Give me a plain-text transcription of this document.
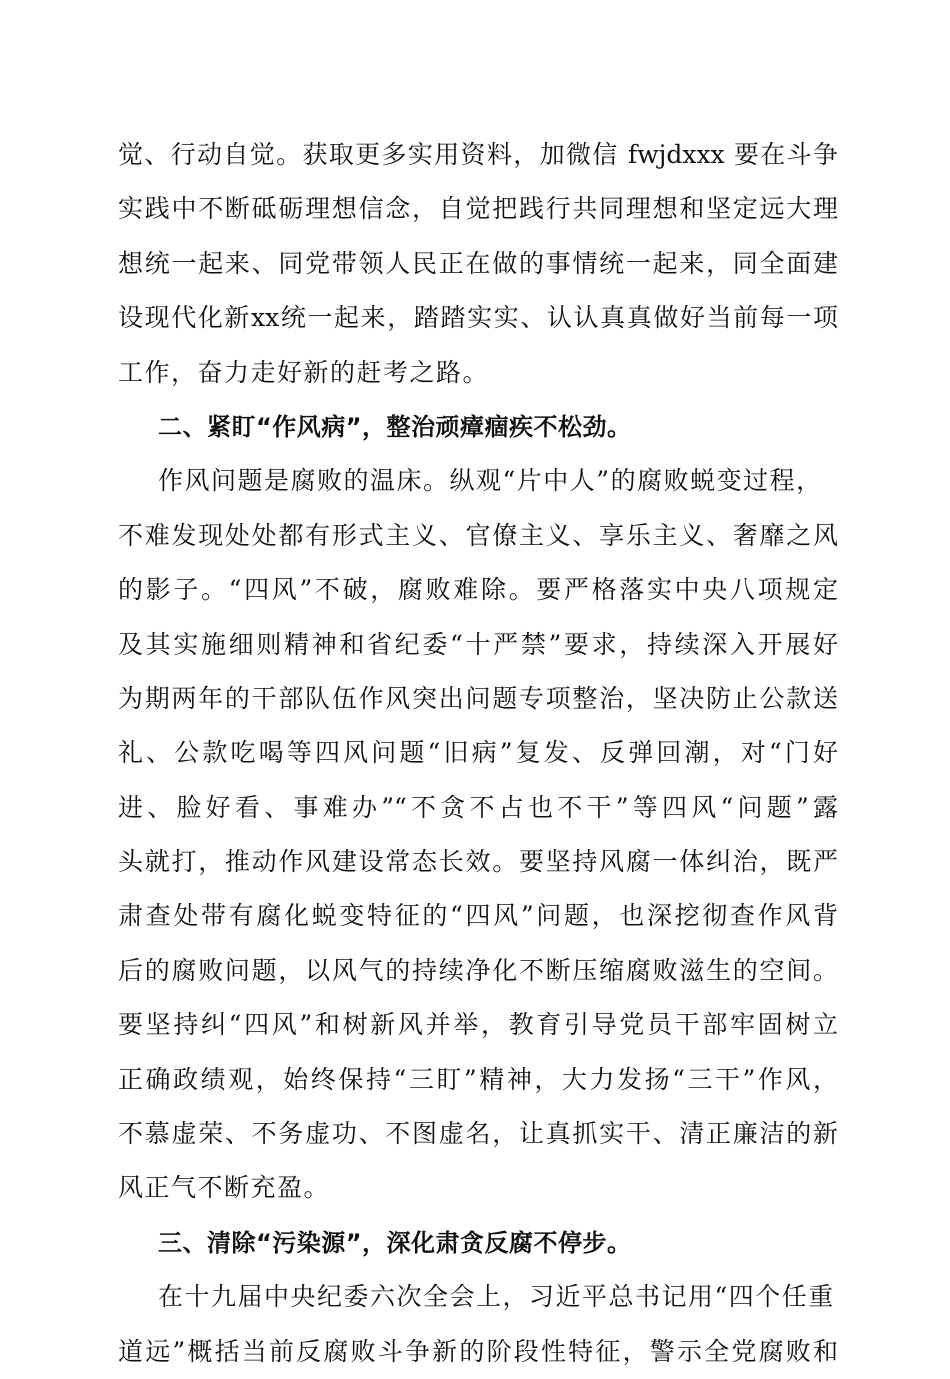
觉、行动自觉。获取更多实用资料，加微信 fwjdxxx 要在斗争
实践中不断砥砺理想信念，自觉把践行共同理想和坚定远大理
想统一起来、同党带领人民正在做的事情统一起来，同全面建
设现代化新xx统一起来，踏踏实实、认认真真做好当前每一项
工作，奋力走好新的赶考之路。
二、紧盯“作风病”，整治顽瘴痼疾不松劲。
作风问题是腐败的温床。纵观“片中人”的腐败蜕变过程，
不难发现处处都有形式主义、官僚主义、享乐主义、奢靡之风
的影子。“四风”不破，腐败难除。要严格落实中央八项规定
及其实施细则精神和省纪委“十严禁”要求，持续深入开展好
为期两年的干部队伍作风突出问题专项整治，坚决防止公款送
礼、公款吃喝等四风问题“旧病”复发、反弹回潮，对“门好
进、脸好看、事难办”“不贪不占也不干”等四风“问题”露
头就打，推动作风建设常态长效。要坚持风腐一体纠治，既严
肃查处带有腐化蜕变特征的“四风”问题，也深挖彻查作风背
后的腐败问题，以风气的持续净化不断压缩腐败滋生的空间。
要坚持纠“四风”和树新风并举，教育引导党员干部牢固树立
正确政绩观，始终保持“三盯”精神，大力发扬“三干”作风，
不慕虚荣、不务虚功、不图虚名，让真抓实干、清正廉洁的新
风正气不断充盈。
三、清除“污染源”，深化肃贪反腐不停步。
在十九届中央纪委六次全会上，习近平总书记用“四个任重
道远”概括当前反腐败斗争新的阶段性特征，警示全党腐败和
